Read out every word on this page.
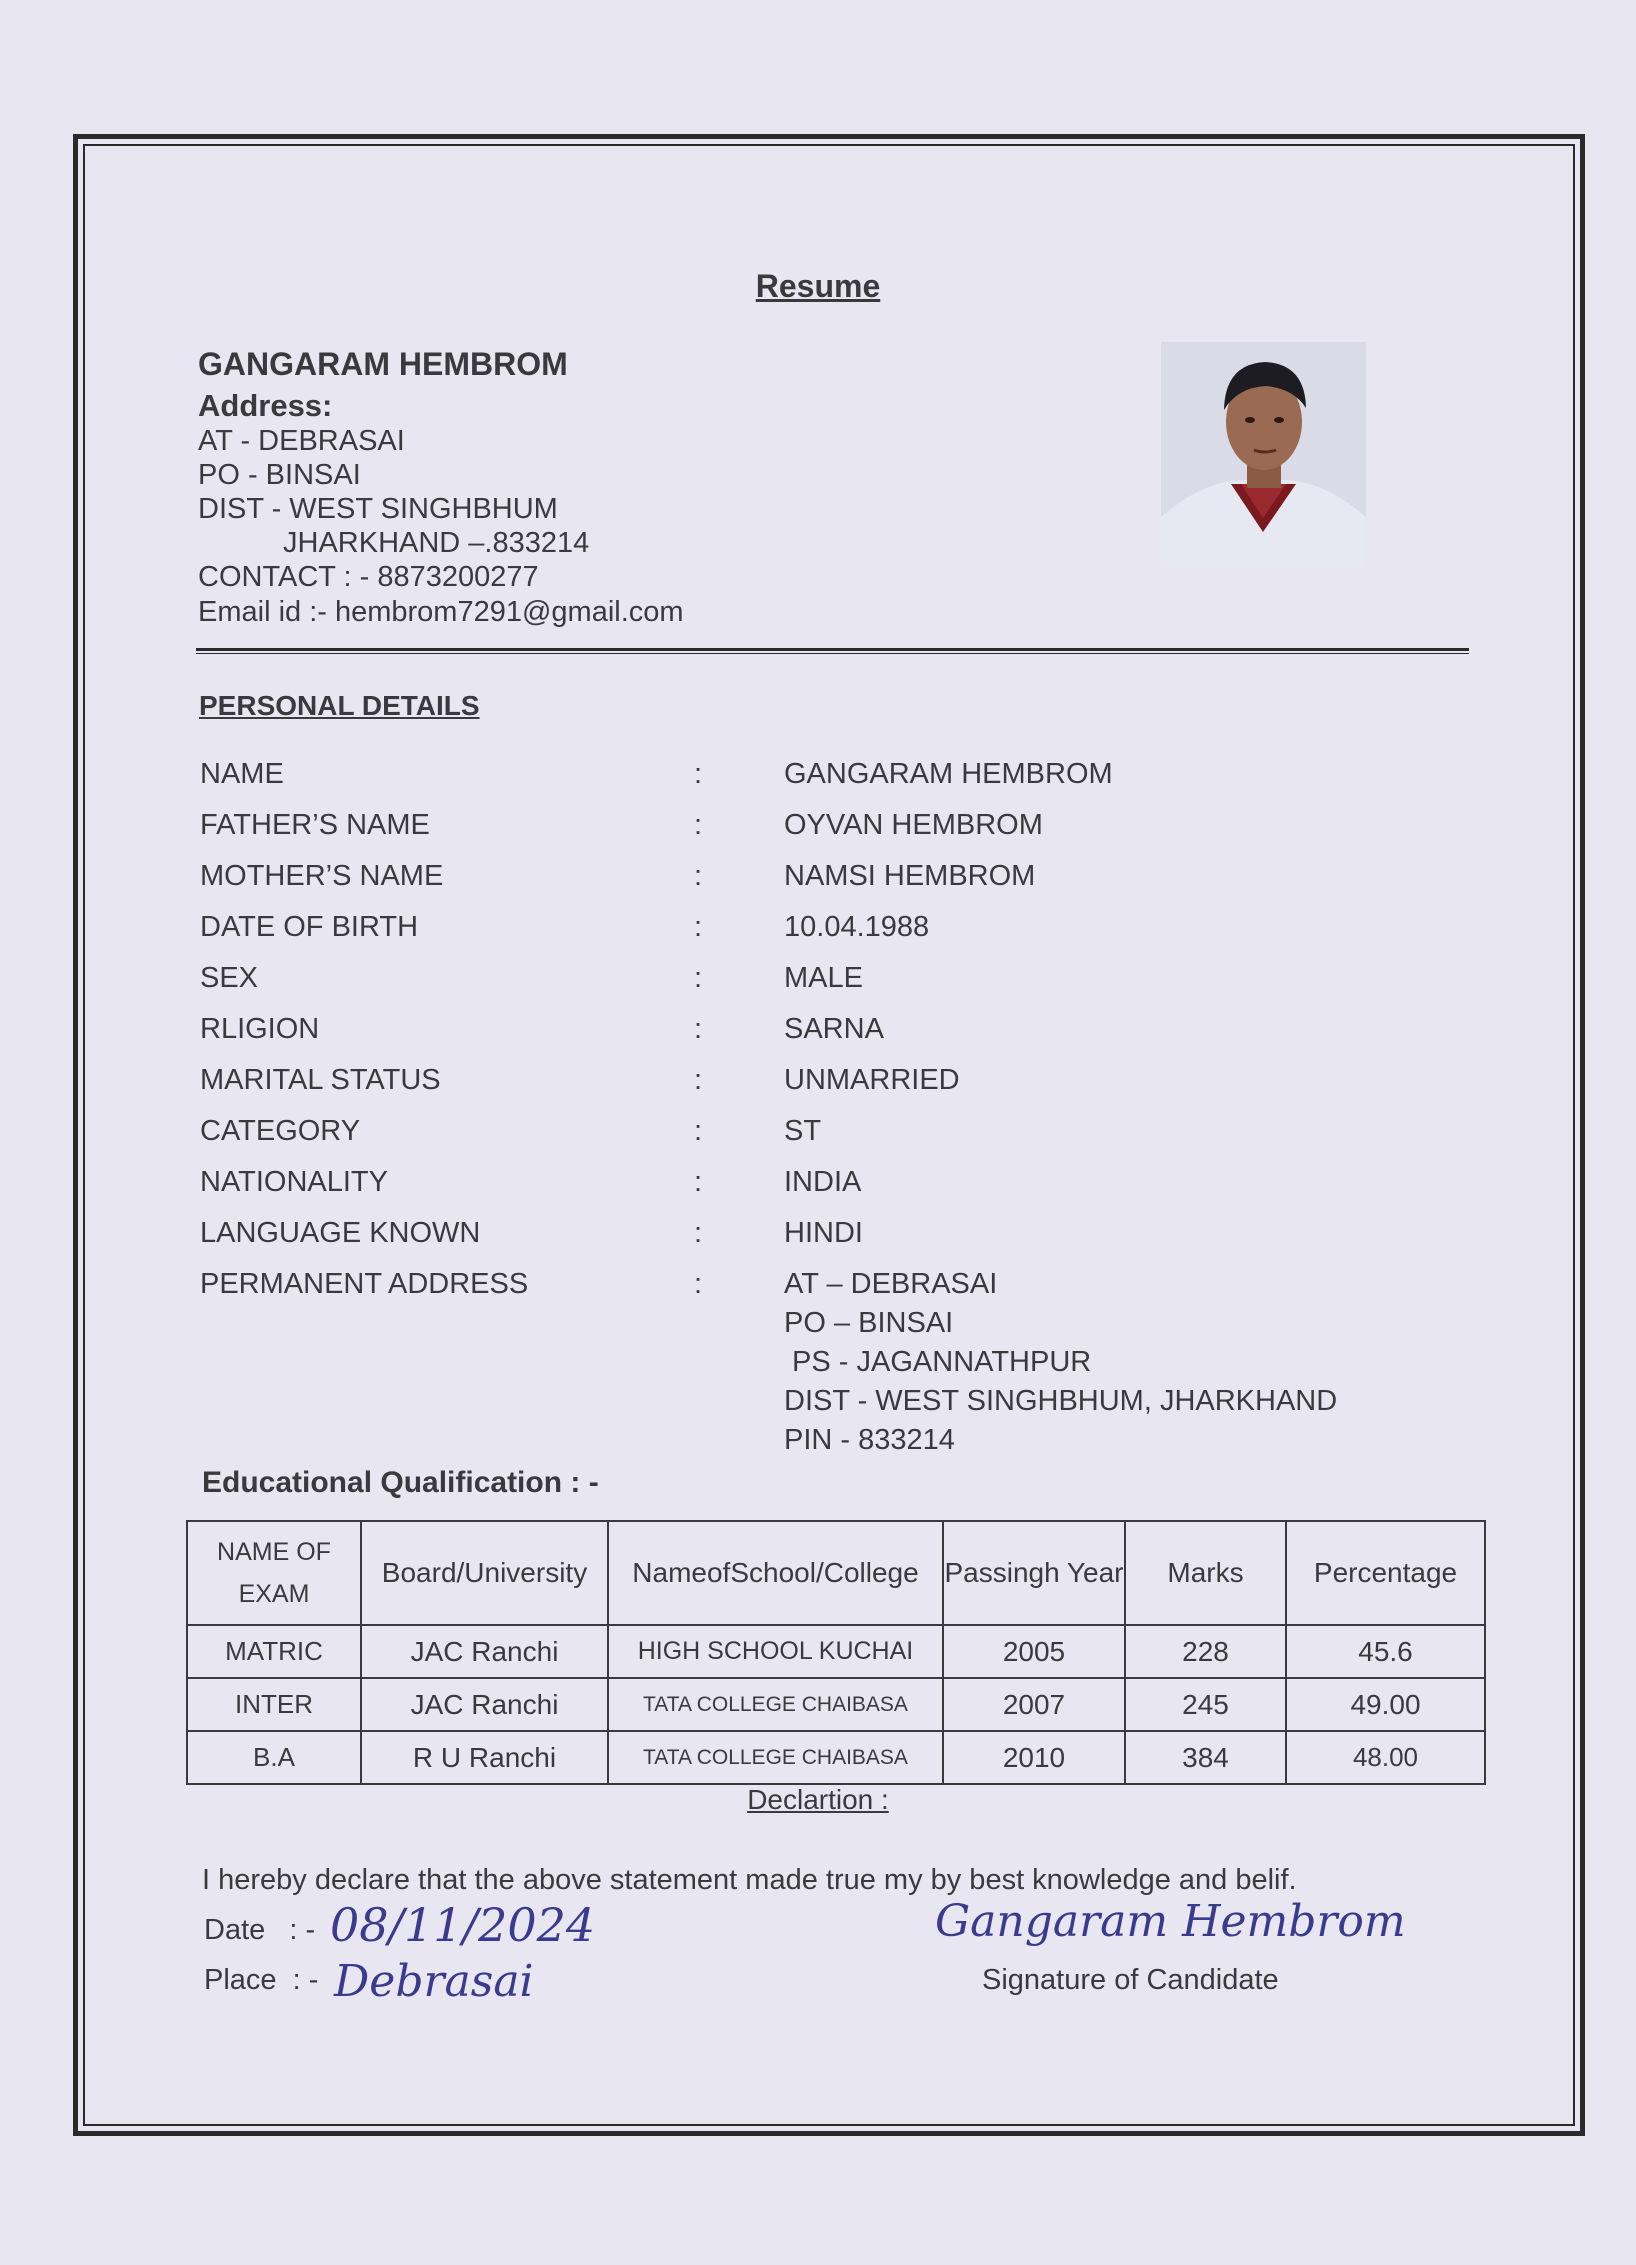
Resume
GANGARAM HEMBROM
Address:
AT - DEBRASAI
PO - BINSAI
DIST - WEST SINGHBHUM
JHARKHAND –.833214
CONTACT : - 8873200277
Email id :- hembrom7291@gmail.com
PERSONAL DETAILS
NAME	:	GANGARAM HEMBROM
FATHER’S NAME	:	OYVAN HEMBROM
MOTHER’S NAME	:	NAMSI HEMBROM
DATE OF BIRTH	:	10.04.1988
SEX	:	MALE
RLIGION	:	SARNA
MARITAL STATUS	:	UNMARRIED
CATEGORY	:	ST
NATIONALITY	:	INDIA
LANGUAGE KNOWN	:	HINDI
PERMANENT ADDRESS	:	AT – DEBRASAI
PO – BINSAI
PS - JAGANNATHPUR
DIST - WEST SINGHBHUM, JHARKHAND
PIN - 833214
Educational Qualification : -
NAME OF EXAM	Board/University	NameofSchool/College	Passingh Year	Marks	Percentage
MATRIC	JAC Ranchi	HIGH SCHOOL KUCHAI	2005	228	45.6
INTER	JAC Ranchi	TATA COLLEGE CHAIBASA	2007	245	49.00
B.A	R U Ranchi	TATA COLLEGE CHAIBASA	2010	384	48.00
Declartion :
I hereby declare that the above statement made true my by best knowledge and belif.
Date   : - 08/11/2024
Place  : - Debrasai
Gangaram Hembrom
Signature of Candidate
